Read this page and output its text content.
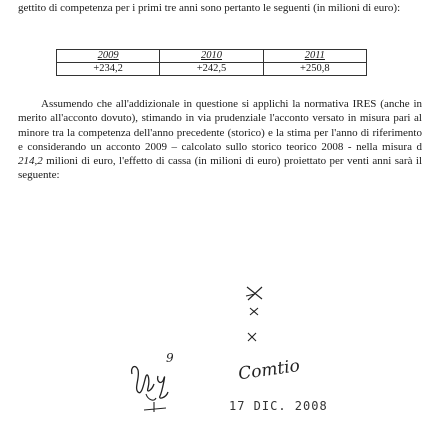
gettito di competenza per i primi tre anni sono pertanto le seguenti (in milioni di euro):
2009	2010	2011
+234,2	+242,5	+250,8
Assumendo che all'addizionale in questione si applichi la normativa IRES (anche in merito all'acconto dovuto), stimando in via prudenziale l'acconto versato in misura pari al minore tra la competenza dell'anno precedente (storico) e la stima per l'anno di riferimento e considerando un acconto 2009 – calcolato sullo storico teorico 2008 - nella misura d 214,2 milioni di euro, l'effetto di cassa (in milioni di euro) proiettato per venti anni sarà il seguente:
9	Comtio
17 DIC. 2008
